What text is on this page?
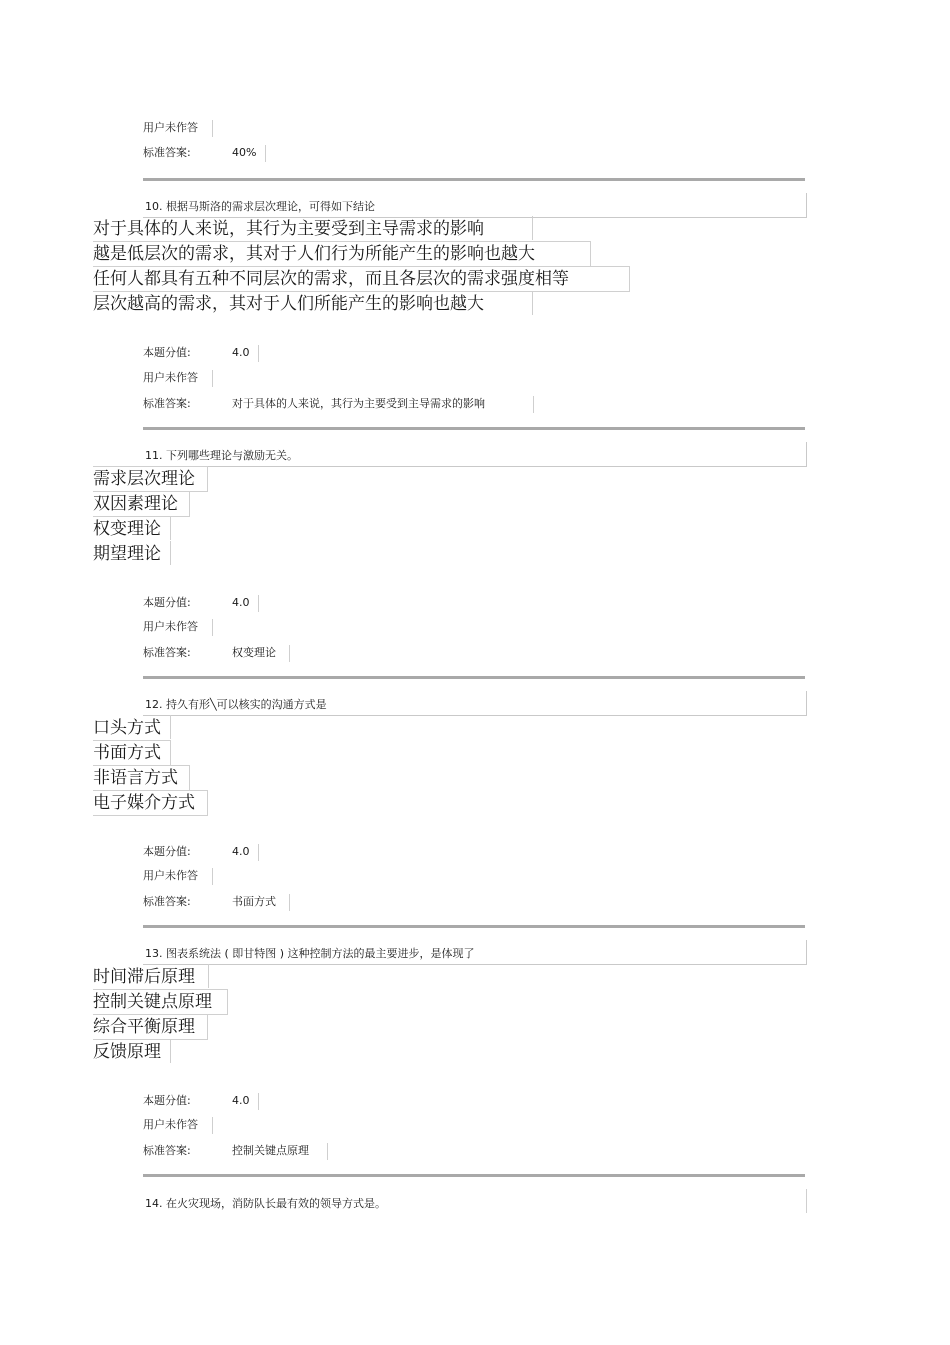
用户未作答
标准答案:	40%
10. 根据马斯洛的需求层次理论，可得如下结论
对于具体的人来说，其行为主要受到主导需求的影响
越是低层次的需求，其对于人们行为所能产生的影响也越大
任何人都具有五种不同层次的需求，而且各层次的需求强度相等
层次越高的需求，其对于人们所能产生的影响也越大
本题分值:	4.0
用户未作答
标准答案:	对于具体的人来说，其行为主要受到主导需求的影响
11. 下列哪些理论与激励无关。
需求层次理论
双因素理论
权变理论
期望理论
本题分值:	4.0
用户未作答
标准答案:	权变理论
12. 持久有形╲可以核实的沟通方式是
口头方式
书面方式
非语言方式
电子媒介方式
本题分值:	4.0
用户未作答
标准答案:	书面方式
13. 图表系统法 ( 即甘特图 ) 这种控制方法的最主要进步，是体现了
时间滞后原理
控制关键点原理
综合平衡原理
反馈原理
本题分值:	4.0
用户未作答
标准答案:	控制关键点原理
14. 在火灾现场，消防队长最有效的领导方式是。
